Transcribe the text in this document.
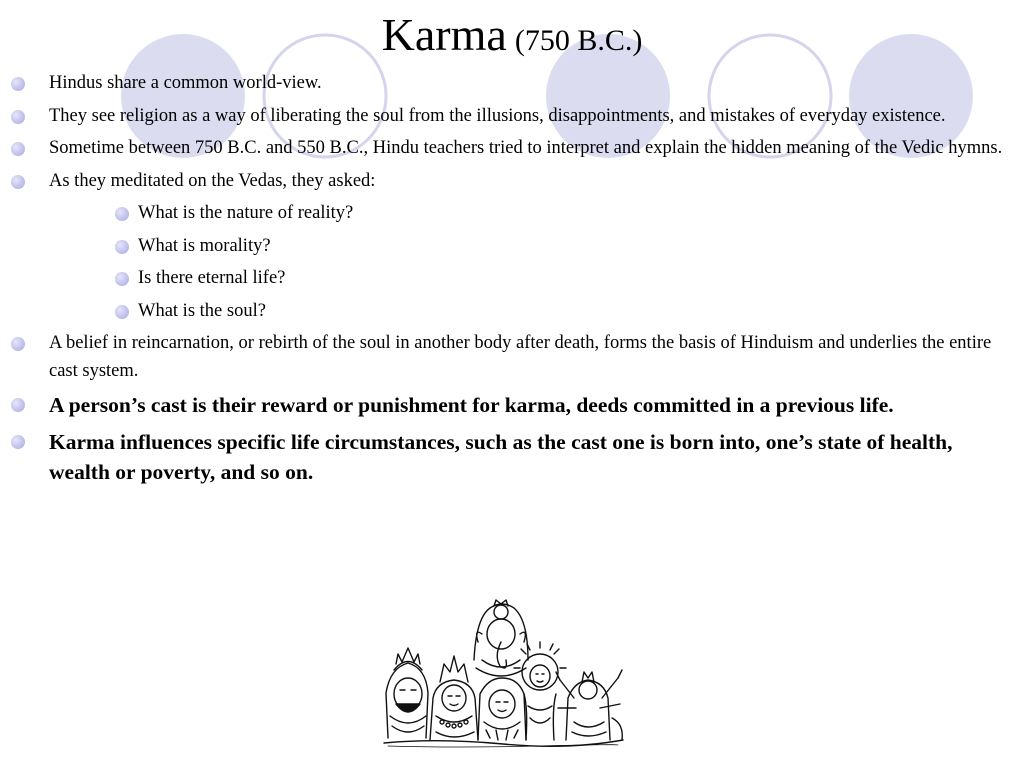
Karma (750 B.C.)
Hindus share a common world-view.
They see religion as a way of liberating the soul from the illusions, disappointments, and mistakes of everyday existence.
Sometime between 750 B.C. and 550 B.C., Hindu teachers tried to interpret and explain the hidden meaning of the Vedic hymns.
As they meditated on the Vedas, they asked:
What is the nature of reality?
What is morality?
Is there eternal life?
What is the soul?
A belief in reincarnation, or rebirth of the soul in another body after death, forms the basis of Hinduism and underlies the entire cast system.
A person’s cast is their reward or punishment for karma, deeds committed in a previous life.
Karma influences specific life circumstances, such as the cast one is born into, one’s state of health, wealth or poverty, and so on.
